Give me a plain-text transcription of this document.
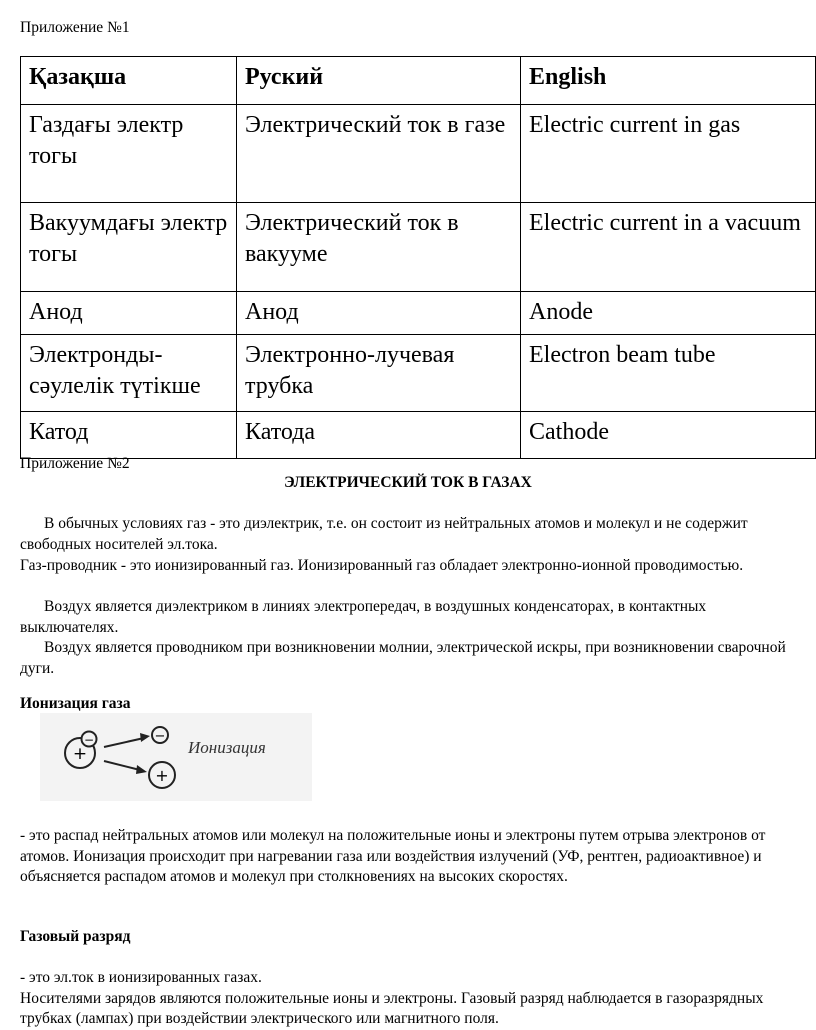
Приложение №1
Қазақша	Руский	English
Газдағы электр тогы	Электрический ток в газе	Electric current in gas
Вакуумдағы электр тогы	Электрический ток в вакууме	Electric current in a vacuum
Анод	Анод	Anode
Электронды-сәулелік түтікше	Электронно-лучевая трубка	Electron beam tube
Катод	Катода	Cathode
Приложение №2
ЭЛЕКТРИЧЕСКИЙ ТОК В ГАЗАХ
В обычных условиях газ - это диэлектрик, т.е. он состоит из нейтральных атомов и молекул и не содержит свободных носителей эл.тока.
Газ-проводник - это ионизированный газ. Ионизированный газ обладает электронно-ионной проводимостью.
Воздух является диэлектриком в линиях электропередач, в воздушных конденсаторах, в контактных выключателях.
Воздух является проводником при возникновении молнии, электрической искры, при возникновении сварочной дуги.
Ионизация газа
+
−	−
+
Ионизация
- это распад нейтральных атомов или молекул на положительные ионы и электроны путем отрыва электронов от атомов. Ионизация происходит при нагревании газа или воздействия излучений (УФ, рентген, радиоактивное) и объясняется распадом атомов и молекул при столкновениях на высоких скоростях.
Газовый разряд
- это эл.ток в ионизированных газах.
Носителями зарядов являются положительные ионы и электроны. Газовый разряд наблюдается в газоразрядных трубках (лампах) при воздействии электрического или магнитного поля.
